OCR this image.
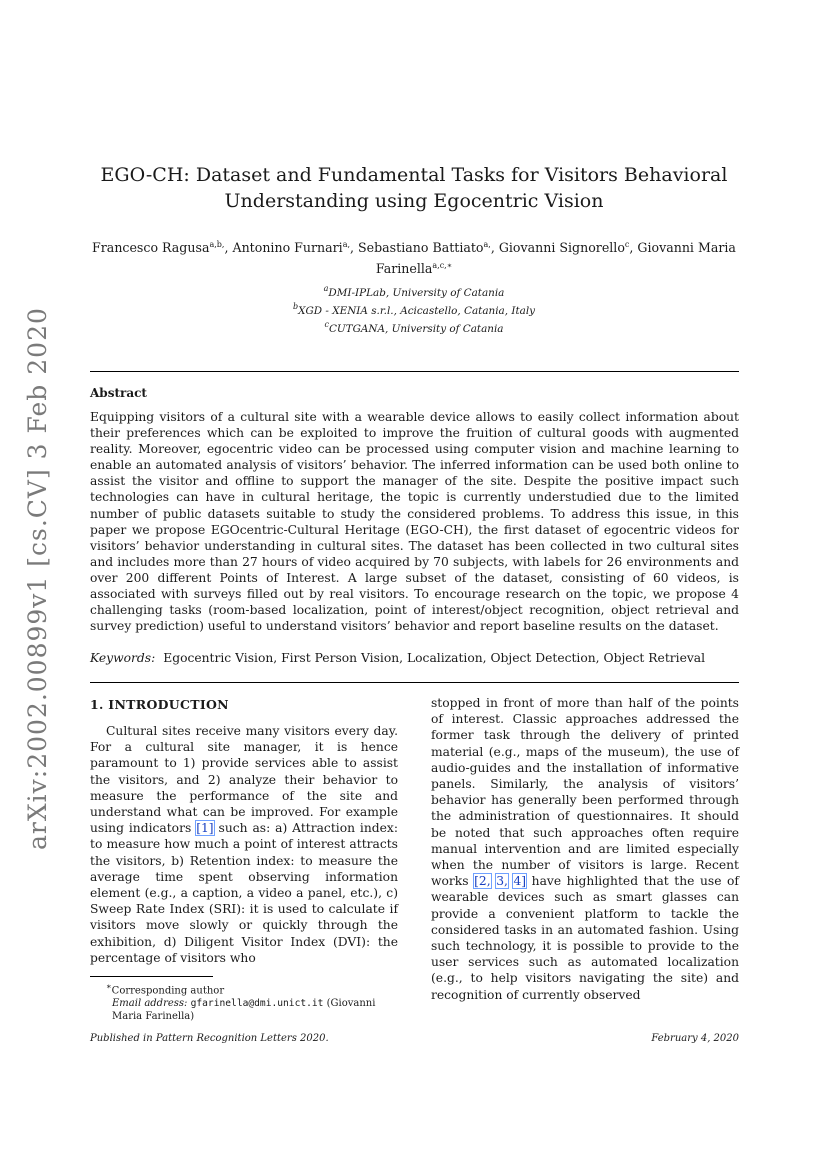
arXiv:2002.00899v1 [cs.CV] 3 Feb 2020
EGO-CH: Dataset and Fundamental Tasks for Visitors Behavioral Understanding using Egocentric Vision
Francesco Ragusa$^{a,b,}$, Antonino Furnari$^{a,}$, Sebastiano Battiato$^{a,}$, Giovanni Signorello$^c$, Giovanni Maria Farinella$^{a,c,∗}$
$^a$DMI-IPLab, University of Catania
$^b$XGD - XENIA s.r.l., Acicastello, Catania, Italy
$^c$CUTGANA, University of Catania
Abstract
Equipping visitors of a cultural site with a wearable device allows to easily collect information about their preferences which can be exploited to improve the fruition of cultural goods with augmented reality. Moreover, egocentric video can be processed using computer vision and machine learning to enable an automated analysis of visitors’ behavior. The inferred information can be used both online to assist the visitor and offline to support the manager of the site. Despite the positive impact such technologies can have in cultural heritage, the topic is currently understudied due to the limited number of public datasets suitable to study the considered problems. To address this issue, in this paper we propose EGOcentric-Cultural Heritage (EGO-CH), the first dataset of egocentric videos for visitors’ behavior understanding in cultural sites. The dataset has been collected in two cultural sites and includes more than 27 hours of video acquired by 70 subjects, with labels for 26 environments and over 200 different Points of Interest. A large subset of the dataset, consisting of 60 videos, is associated with surveys filled out by real visitors. To encourage research on the topic, we propose 4 challenging tasks (room-based localization, point of interest/object recognition, object retrieval and survey prediction) useful to understand visitors’ behavior and report baseline results on the dataset.
Keywords: Egocentric Vision, First Person Vision, Localization, Object Detection, Object Retrieval
1. INTRODUCTION
Cultural sites receive many visitors every day. For a cultural site manager, it is hence paramount to 1) provide services able to assist the visitors, and 2) analyze their behavior to measure the performance of the site and understand what can be improved. For example using indicators [1] such as: a) Attraction index: to measure how much a point of interest attracts the visitors, b) Retention index: to measure the average time spent observing information element (e.g., a caption, a video a panel, etc.), c) Sweep Rate Index (SRI): it is used to calculate if visitors move slowly or quickly through the exhibition, d) Diligent Visitor Index (DVI): the percentage of visitors who
stopped in front of more than half of the points of interest. Classic approaches addressed the former task through the delivery of printed material (e.g., maps of the museum), the use of audio-guides and the installation of informative panels. Similarly, the analysis of visitors’ behavior has generally been performed through the administration of questionnaires. It should be noted that such approaches often require manual intervention and are limited especially when the number of visitors is large. Recent works [2, 3, 4] have highlighted that the use of wearable devices such as smart glasses can provide a convenient platform to tackle the considered tasks in an automated fashion. Using such technology, it is possible to provide to the user services such as automated localization (e.g., to help visitors navigating the site) and recognition of currently observed
∗Corresponding author
Email address: gfarinella@dmi.unict.it (Giovanni Maria Farinella)
Published in Pattern Recognition Letters 2020.	February 4, 2020
